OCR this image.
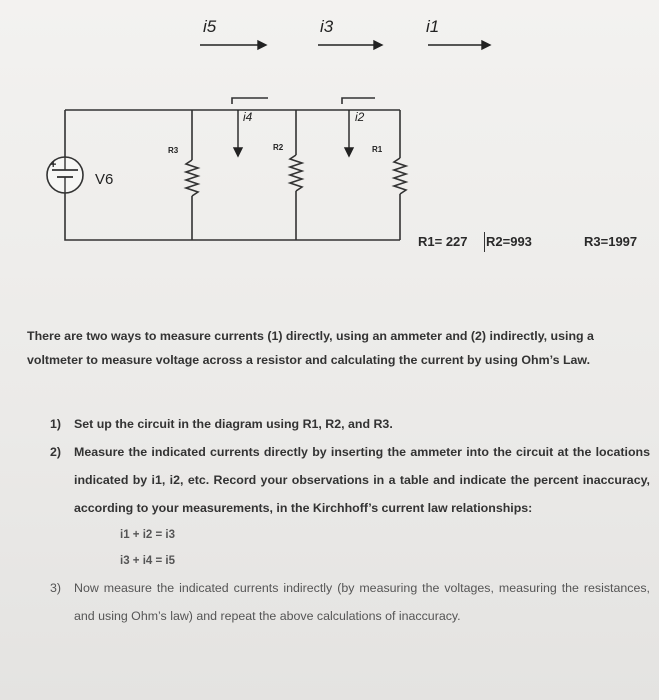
i5	i3	i1
R3	R2	R1
i4	i2
+
V6
R1= 227 R2=993	R3=1997
There are two ways to measure currents (1) directly, using an ammeter and (2) indirectly, using a voltmeter to measure voltage across a resistor and calculating the current by using Ohm’s Law.
1) Set up the circuit in the diagram using R1, R2, and R3.
2) Measure the indicated currents directly by inserting the ammeter into the circuit at the locations indicated by i1, i2, etc. Record your observations in a table and indicate the percent inaccuracy, according to your measurements, in the Kirchhoff’s current law relationships:
i1 + i2 = i3
i3 + i4 = i5
3) Now measure the indicated currents indirectly (by measuring the voltages, measuring the resistances, and using Ohm’s law) and repeat the above calculations of inaccuracy.
